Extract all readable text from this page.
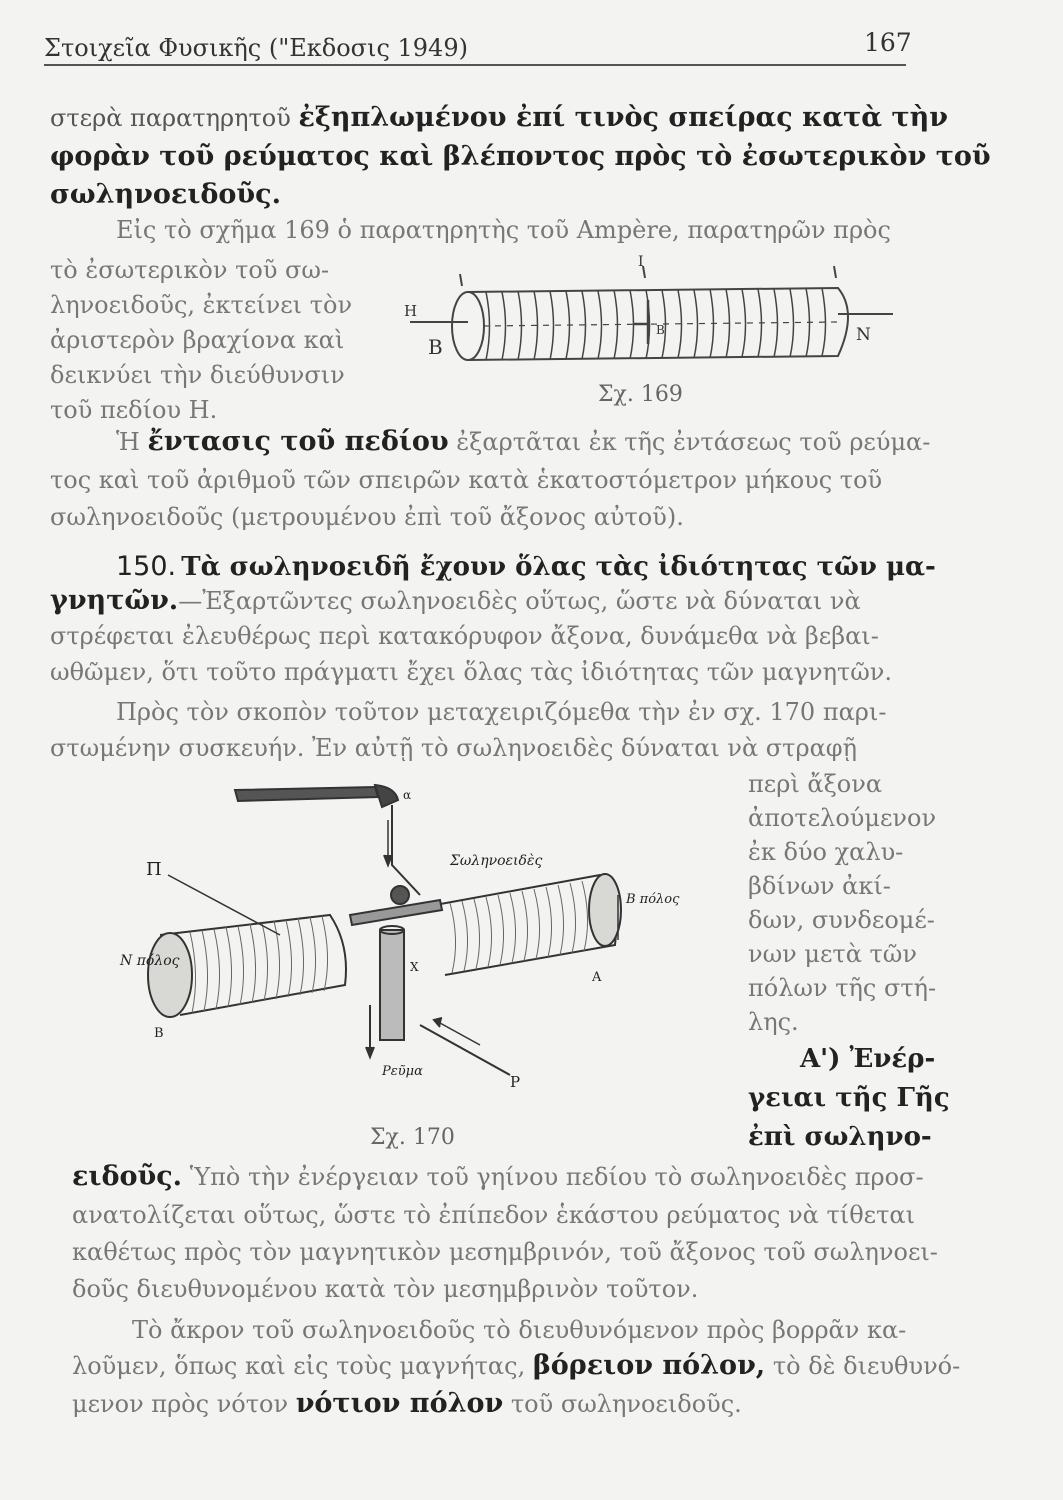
Στοιχεῖα Φυσικῆς ("Εκδοσις 1949)	167
στερὰ παρατηρητοῦ ἐξηπλωμένου ἐπί τινὸς σπείρας κατὰ τὴν
φορὰν τοῦ ρεύματος καὶ βλέποντος πρὸς τὸ ἐσωτερικὸν τοῦ
σωληνοειδοῦς.
Εἰς τὸ σχῆμα 169 ὁ παρατηρητὴς τοῦ Ampère, παρατηρῶν πρὸς
τὸ ἐσωτερικὸν τοῦ σω-
ληνοειδοῦς, ἐκτείνει τὸν
ἀριστερὸν βραχίονα καὶ
δεικνύει τὴν διεύθυνσιν
τοῦ πεδίου Η.
H
B
B	N
I
Σχ. 169
Ἡ ἔντασις τοῦ πεδίου ἐξαρτᾶται ἐκ τῆς ἐντάσεως τοῦ ρεύμα-
τος καὶ τοῦ ἀριθμοῦ τῶν σπειρῶν κατὰ ἑκατοστόμετρον μήκους τοῦ
σωληνοειδοῦς (μετρουμένου ἐπὶ τοῦ ἄξονος αὐτοῦ).
150. Τὰ σωληνοειδῆ ἔχουν ὅλας τὰς ἰδιότητας τῶν μα-
γνητῶν.—Ἐξαρτῶντες σωληνοειδὲς οὕτως, ὥστε νὰ δύναται νὰ
στρέφεται ἐλευθέρως περὶ κατακόρυφον ἄξονα, δυνάμεθα νὰ βεβαι-
ωθῶμεν, ὅτι τοῦτο πράγματι ἔχει ὅλας τὰς ἰδιότητας τῶν μαγνητῶν.
Πρὸς τὸν σκοπὸν τοῦτον μεταχειριζόμεθα τὴν ἐν σχ. 170 παρι-
στωμένην συσκευήν. Ἐν αὐτῇ τὸ σωληνοειδὲς δύναται νὰ στραφῇ
περὶ ἄξονα
ἀποτελούμενον
ἐκ δύο χαλυ-
βδίνων ἀκί-
δων, συνδεομέ-
νων μετὰ τῶν
πόλων τῆς στή-
λης.
Π	Σωληνοειδὲς
Β πόλος
Ν πόλος	Χ
Α
Β
Ρεῦμα
Ρ
α
Σχ. 170
Α') Ἐνέρ-
γειαι τῆς Γῆς
ἐπὶ σωληνο-
ειδοῦς. Ὑπὸ τὴν ἐνέργειαν τοῦ γηίνου πεδίου τὸ σωληνοειδὲς προσ-
ανατολίζεται οὕτως, ὥστε τὸ ἐπίπεδον ἑκάστου ρεύματος νὰ τίθεται
καθέτως πρὸς τὸν μαγνητικὸν μεσημβρινόν, τοῦ ἄξονος τοῦ σωληνοει-
δοῦς διευθυνομένου κατὰ τὸν μεσημβρινὸν τοῦτον.
Τὸ ἄκρον τοῦ σωληνοειδοῦς τὸ διευθυνόμενον πρὸς βορρᾶν κα-
λοῦμεν, ὅπως καὶ εἰς τοὺς μαγνήτας, βόρειον πόλον, τὸ δὲ διευθυνό-
μενον πρὸς νότον νότιον πόλον τοῦ σωληνοειδοῦς.
